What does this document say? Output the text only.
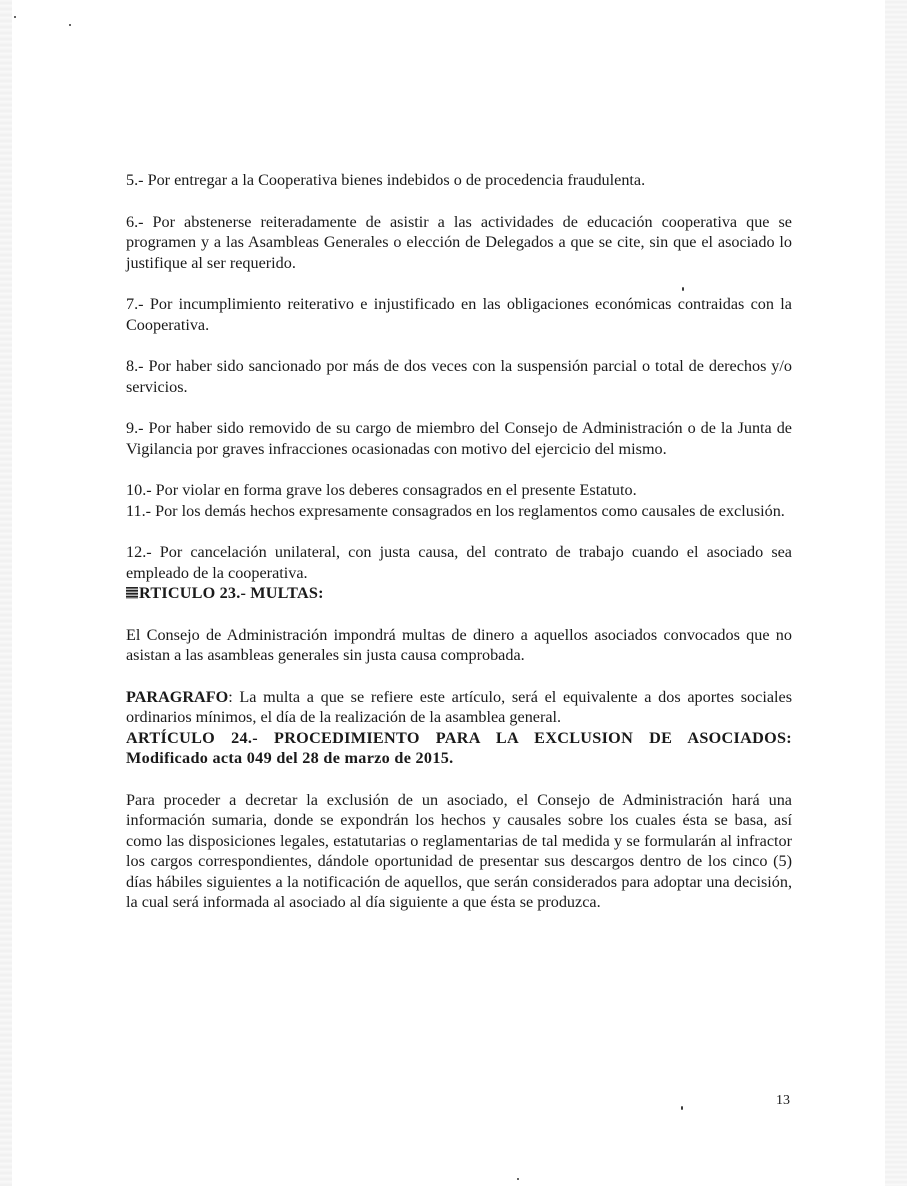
5.- Por entregar a la Cooperativa bienes indebidos o de procedencia fraudulenta.

6.- Por abstenerse reiteradamente de asistir a las actividades de educación cooperativa que se programen y a las Asambleas Generales o elección de Delegados a que se cite, sin que el asociado lo justifique al ser requerido.

7.- Por incumplimiento reiterativo e injustificado en las obligaciones económicas contraidas con la Cooperativa.

8.- Por haber sido sancionado por más de dos veces con la suspensión parcial o total de derechos y/o servicios.

9.- Por haber sido removido de su cargo de miembro del Consejo de Administración o de la Junta de Vigilancia por graves infracciones ocasionadas con motivo del ejercicio del mismo.

10.- Por violar en forma grave los deberes consagrados en el presente Estatuto.

11.- Por los demás hechos expresamente consagrados en los reglamentos como causales de exclusión.

12.- Por cancelación unilateral, con justa causa, del contrato de trabajo cuando el asociado sea empleado de la cooperativa.

RTICULO 23.- MULTAS:

El Consejo de Administración impondrá multas de dinero a aquellos asociados convocados que no asistan a las asambleas generales sin justa causa comprobada.

PARAGRAFO: La multa a que se refiere este artículo, será el equivalente a dos aportes sociales ordinarios mínimos, el día de la realización de la asamblea general.

ARTÍCULO 24.- PROCEDIMIENTO PARA LA EXCLUSION DE ASOCIADOS: Modificado acta 049 del 28 de marzo de 2015.

Para proceder a decretar la exclusión de un asociado, el Consejo de Administración hará una información sumaria, donde se expondrán los hechos y causales sobre los cuales ésta se basa, así como las disposiciones legales, estatutarias o reglamentarias de tal medida y se formularán al infractor los cargos correspondientes, dándole oportunidad de presentar sus descargos dentro de los cinco (5) días hábiles siguientes a la notificación de aquellos, que serán considerados para adoptar una decisión, la cual será informada al asociado al día siguiente a que ésta se produzca.

13
